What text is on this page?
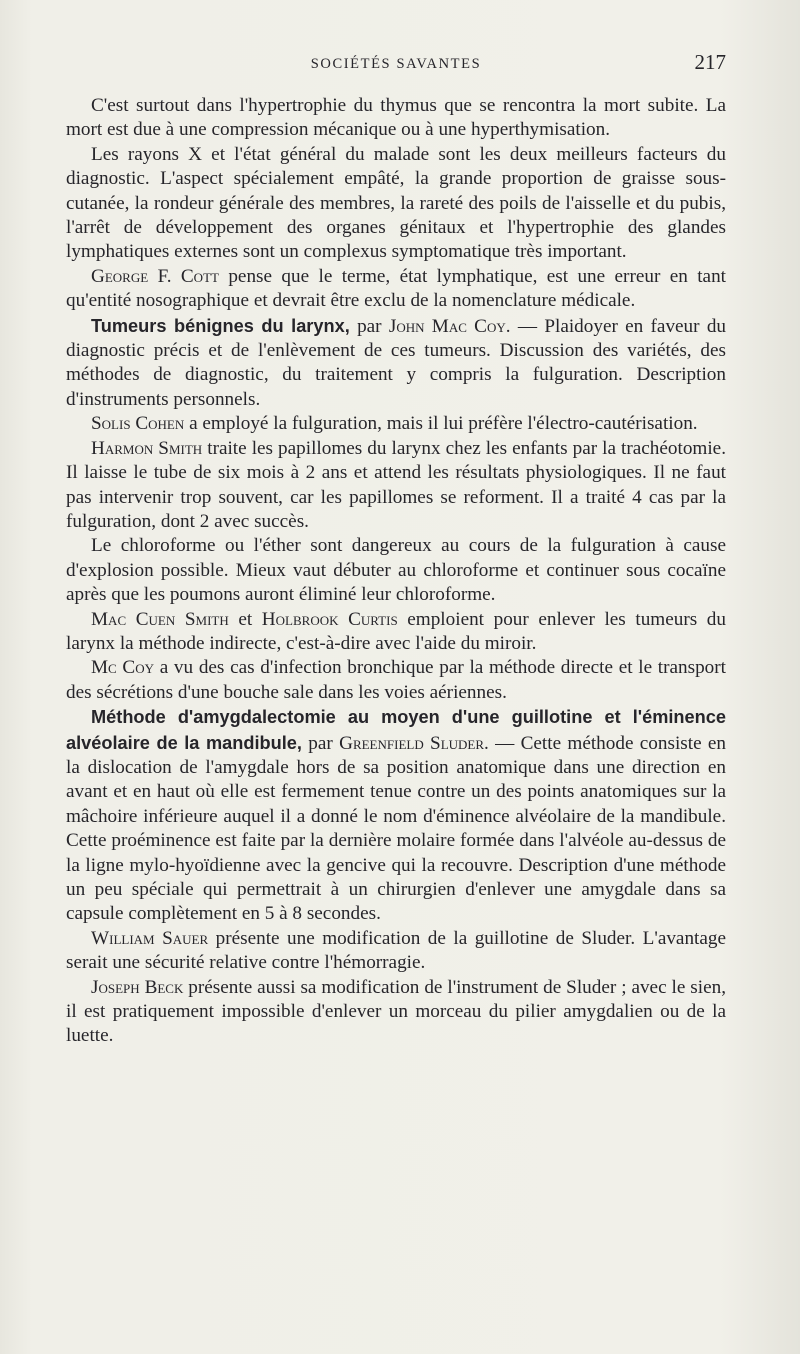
SOCIÉTÉS SAVANTES	217

C'est surtout dans l'hypertrophie du thymus que se rencontra la mort subite. La mort est due à une compression mécanique ou à une hyperthymisation.

Les rayons X et l'état général du malade sont les deux meilleurs facteurs du diagnostic. L'aspect spécialement empâté, la grande proportion de graisse sous-cutanée, la rondeur générale des membres, la rareté des poils de l'aisselle et du pubis, l'arrêt de développement des organes génitaux et l'hypertrophie des glandes lymphatiques externes sont un complexus symptomatique très important.

George F. Cott pense que le terme, état lymphatique, est une erreur en tant qu'entité nosographique et devrait être exclu de la nomenclature médicale.

Tumeurs bénignes du larynx, par John Mac Coy. — Plaidoyer en faveur du diagnostic précis et de l'enlèvement de ces tumeurs. Discussion des variétés, des méthodes de diagnostic, du traitement y compris la fulguration. Description d'instruments personnels.

Solis Cohen a employé la fulguration, mais il lui préfère l'électro-cautérisation.

Harmon Smith traite les papillomes du larynx chez les enfants par la trachéotomie. Il laisse le tube de six mois à 2 ans et attend les résultats physiologiques. Il ne faut pas intervenir trop souvent, car les papillomes se reforment. Il a traité 4 cas par la fulguration, dont 2 avec succès.

Le chloroforme ou l'éther sont dangereux au cours de la fulguration à cause d'explosion possible. Mieux vaut débuter au chloroforme et continuer sous cocaïne après que les poumons auront éliminé leur chloroforme.

Mac Cuen Smith et Holbrook Curtis emploient pour enlever les tumeurs du larynx la méthode indirecte, c'est-à-dire avec l'aide du miroir.

Mc Coy a vu des cas d'infection bronchique par la méthode directe et le transport des sécrétions d'une bouche sale dans les voies aériennes.

Méthode d'amygdalectomie au moyen d'une guillotine et l'éminence alvéolaire de la mandibule, par Greenfield Sluder. — Cette méthode consiste en la dislocation de l'amygdale hors de sa position anatomique dans une direction en avant et en haut où elle est fermement tenue contre un des points anatomiques sur la mâchoire inférieure auquel il a donné le nom d'éminence alvéolaire de la mandibule. Cette proéminence est faite par la dernière molaire formée dans l'alvéole au-dessus de la ligne mylo-hyoïdienne avec la gencive qui la recouvre. Description d'une méthode un peu spéciale qui permettrait à un chirurgien d'enlever une amygdale dans sa capsule complètement en 5 à 8 secondes.

William Sauer présente une modification de la guillotine de Sluder. L'avantage serait une sécurité relative contre l'hémorragie.

Joseph Beck présente aussi sa modification de l'instrument de Sluder ; avec le sien, il est pratiquement impossible d'enlever un morceau du pilier amygdalien ou de la luette.
